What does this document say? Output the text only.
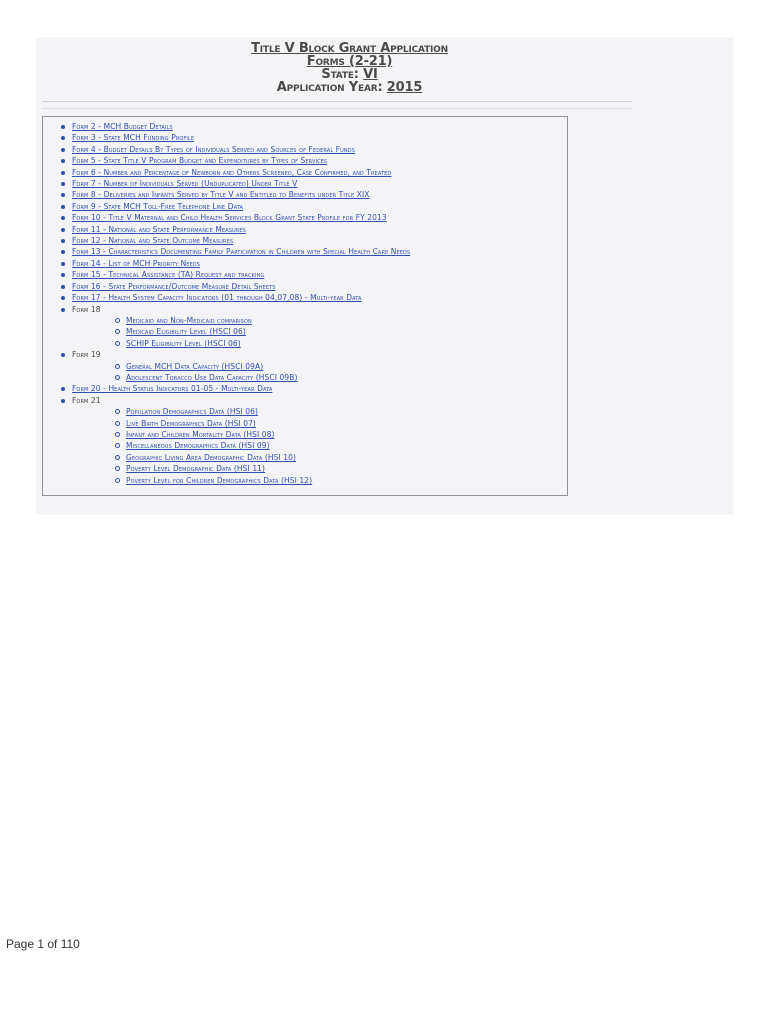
Title V Block Grant Application
Forms (2-21)
State: VI
Application Year: 2015
Form 2 - MCH Budget Details
Form 3 - State MCH Funding Profile
Form 4 - Budget Details By Types of Individuals Served and Sources of Federal Funds
Form 5 - State Title V Program Budget and Expenditures by Types of Services
Form 6 - Number and Percentage of Newborn and Others Screened, Case Confirmed, and Treated
Form 7 - Number of Individuals Served (Unduplicated) Under Title V
Form 8 - Deliveries and Infants Served by Title V and Entitled to Benefits under Title XIX
Form 9 - State MCH Toll-Free Telephone Line Data
Form 10 - Title V Maternal and Child Health Services Block Grant State Profile for FY 2013
Form 11 - National and State Performance Measures
Form 12 - National and State Outcome Measures
Form 13 - Characteristics Documenting Family Participation in Children with Special Health Care Needs
Form 14 - List of MCH Priority Needs
Form 15 - Technical Assistance (TA) Request and tracking
Form 16 - State Performance/Outcome Measure Detail Sheets
Form 17 - Health System Capacity Indicators (01 through 04,07,08) - Multi-year Data
Form 18
Medicaid and Non-Medicaid comparison
Medicaid Eligibility Level (HSCI 06)
SCHIP Eligibility Level (HSCI 06)
Form 19
General MCH Data Capacity (HSCI 09A)
Adolescent Tobacco Use Data Capacity (HSCI 09B)
Form 20 - Health Status Indicators 01-05 - Multi-year Data
Form 21
Population Demographics Data (HSI 06)
Live Birth Demographics Data (HSI 07)
Infant and Children Mortality Data (HSI 08)
Miscellaneous Demographics Data (HSI 09)
Geographic Living Area Demographic Data (HSI 10)
Poverty Level Demographic Data (HSI 11)
Poverty Level for Children Demographics Data (HSI 12)
Page 1 of 110
